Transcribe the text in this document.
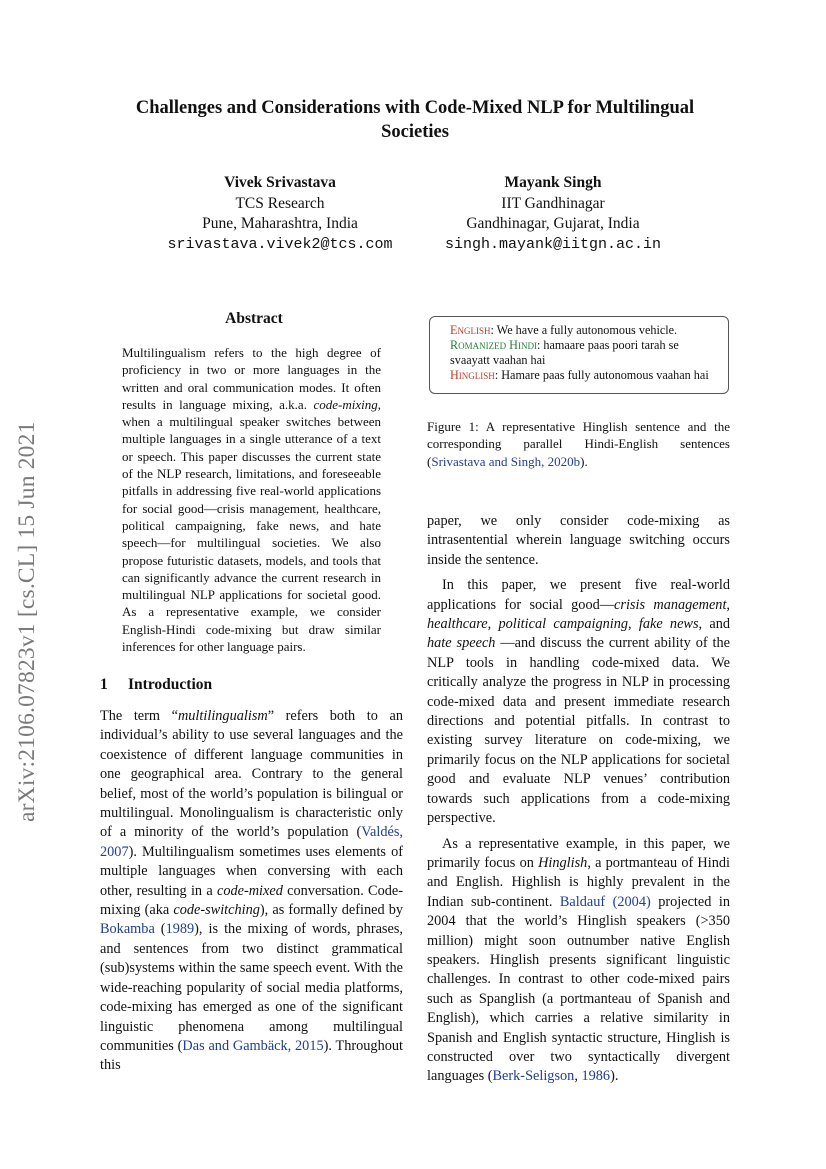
arXiv:2106.07823v1 [cs.CL] 15 Jun 2021
Challenges and Considerations with Code-Mixed NLP for Multilingual Societies
Vivek Srivastava
TCS Research
Pune, Maharashtra, India
srivastava.vivek2@tcs.com
Mayank Singh
IIT Gandhinagar
Gandhinagar, Gujarat, India
singh.mayank@iitgn.ac.in
Abstract
Multilingualism refers to the high degree of proficiency in two or more languages in the written and oral communication modes. It often results in language mixing, a.k.a. code-mixing, when a multilingual speaker switches between multiple languages in a single utterance of a text or speech. This paper discusses the current state of the NLP research, limitations, and foreseeable pitfalls in addressing five real-world applications for social good—crisis management, healthcare, political campaigning, fake news, and hate speech—for multilingual societies. We also propose futuristic datasets, models, and tools that can significantly advance the current research in multilingual NLP applications for societal good. As a representative example, we consider English-Hindi code-mixing but draw similar inferences for other language pairs.
1 Introduction

The term “multilingualism” refers both to an individual’s ability to use several languages and the coexistence of different language communities in one geographical area. Contrary to the general belief, most of the world’s population is bilingual or multilingual. Monolingualism is characteristic only of a minority of the world’s population (Valdés, 2007). Multilingualism sometimes uses elements of multiple languages when conversing with each other, resulting in a code-mixed conversation. Code-mixing (aka code-switching), as formally defined by Bokamba (1989), is the mixing of words, phrases, and sentences from two distinct grammatical (sub)systems within the same speech event. With the wide-reaching popularity of social media platforms, code-mixing has emerged as one of the significant linguistic phenomena among multilingual communities (Das and Gambäck, 2015). Throughout this

English: We have a fully autonomous vehicle.
Romanized Hindi: hamaare paas poori tarah se svaayatt vaahan hai
Hinglish: Hamare paas fully autonomous vaahan hai
Figure 1: A representative Hinglish sentence and the corresponding parallel Hindi-English sentences (Srivastava and Singh, 2020b).

paper, we only consider code-mixing as intrasentential wherein language switching occurs inside the sentence.

In this paper, we present five real-world applications for social good—crisis management, healthcare, political campaigning, fake news, and hate speech —and discuss the current ability of the NLP tools in handling code-mixed data. We critically analyze the progress in NLP in processing code-mixed data and present immediate research directions and potential pitfalls. In contrast to existing survey literature on code-mixing, we primarily focus on the NLP applications for societal good and evaluate NLP venues’ contribution towards such applications from a code-mixing perspective.

As a representative example, in this paper, we primarily focus on Hinglish, a portmanteau of Hindi and English. Highlish is highly prevalent in the Indian sub-continent. Baldauf (2004) projected in 2004 that the world’s Hinglish speakers (>350 million) might soon outnumber native English speakers. Hinglish presents significant linguistic challenges. In contrast to other code-mixed pairs such as Spanglish (a portmanteau of Spanish and English), which carries a relative similarity in Spanish and English syntactic structure, Hinglish is constructed over two syntactically divergent languages (Berk-Seligson, 1986).
